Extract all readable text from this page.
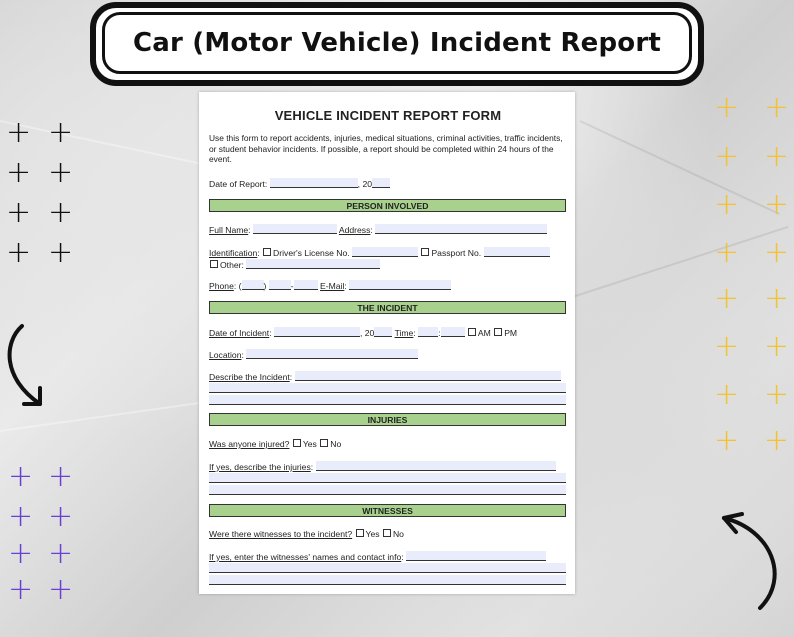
Car (Motor Vehicle) Incident Report
+ +
+ +
+ +
+ +
+ +
+ +
+ +
+ +
+ +
+ +
+ +
+ +
+ +
+ +
+ +
+ +
VEHICLE INCIDENT REPORT FORM
Use this form to report accidents, injuries, medical situations, criminal activities, traffic incidents, or student behavior incidents. If possible, a report should be completed within 24 hours of the event.
Date of Report:	, 20
PERSON INVOLVED
Full Name:	Address:
Identification: Driver's License No.	Passport No.
Other:
Phone: (	)	-	E-Mail:
THE INCIDENT
Date of Incident:	, 20 Time: :	AM PM
Location:
Describe the Incident:
INJURIES
Was anyone injured? Yes No
If yes, describe the injuries:
WITNESSES
Were there witnesses to the incident? Yes No
If yes, enter the witnesses' names and contact info:
